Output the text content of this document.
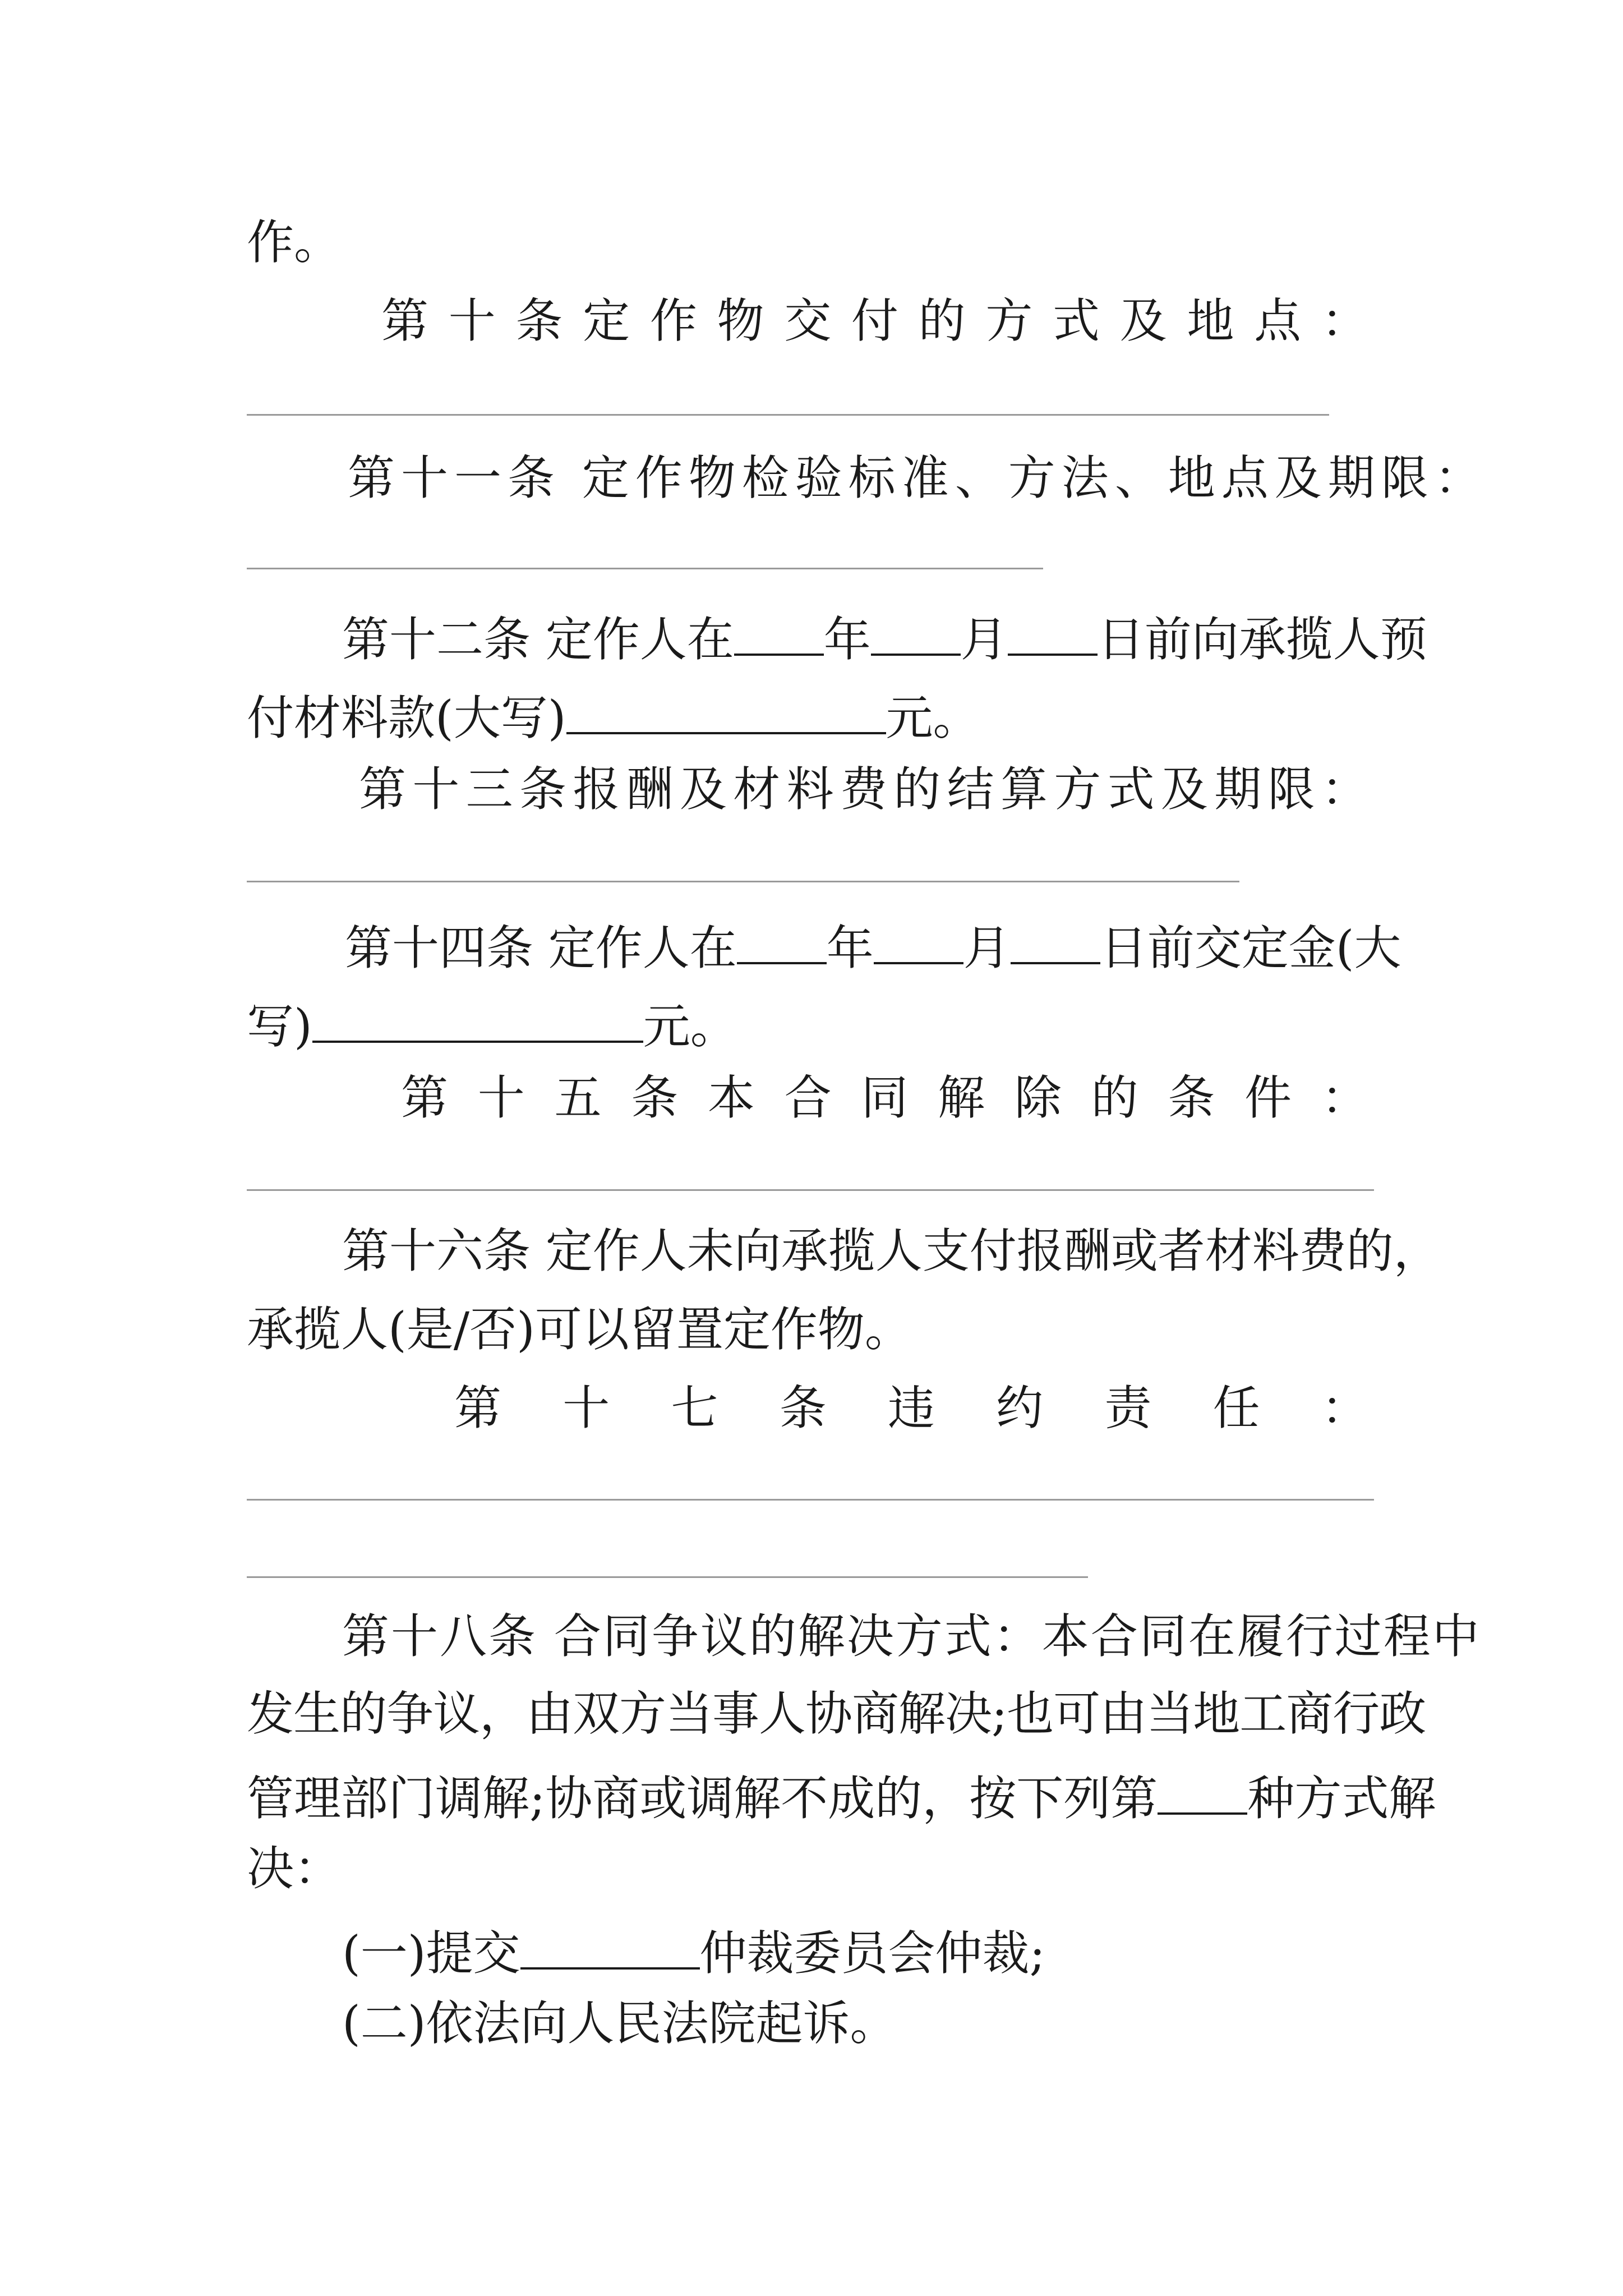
作。
第 十 条 定 作 物 交 付 的 方 式 及 地 点 ：
第十一条 定作物检验标准、方法、地点及期限：
第十二条 定作人在 年 月 日前向承揽人预
付材料款(大写)	元。
第 十 三 条 报 酬 及 材 料 费 的 结 算 方 式 及 期 限 ：
第十四条 定作人在 年 月 日前交定金(大
写)	元。
第 十 五 条 本 合 同 解 除 的 条 件 ：
第十六条 定作人未向承揽人支付报酬或者材料费的，
承揽人(是/否)可以留置定作物。
第 十 七 条 违 约 责 任 ：
第十八条 合同争议的解决方式：本合同在履行过程中
发生的争议，由双方当事人协商解决;也可由当地工商行政
管理部门调解;协商或调解不成的，按下列第 种方式解
决：
(一)提交	仲裁委员会仲裁;
(二)依法向人民法院起诉。
